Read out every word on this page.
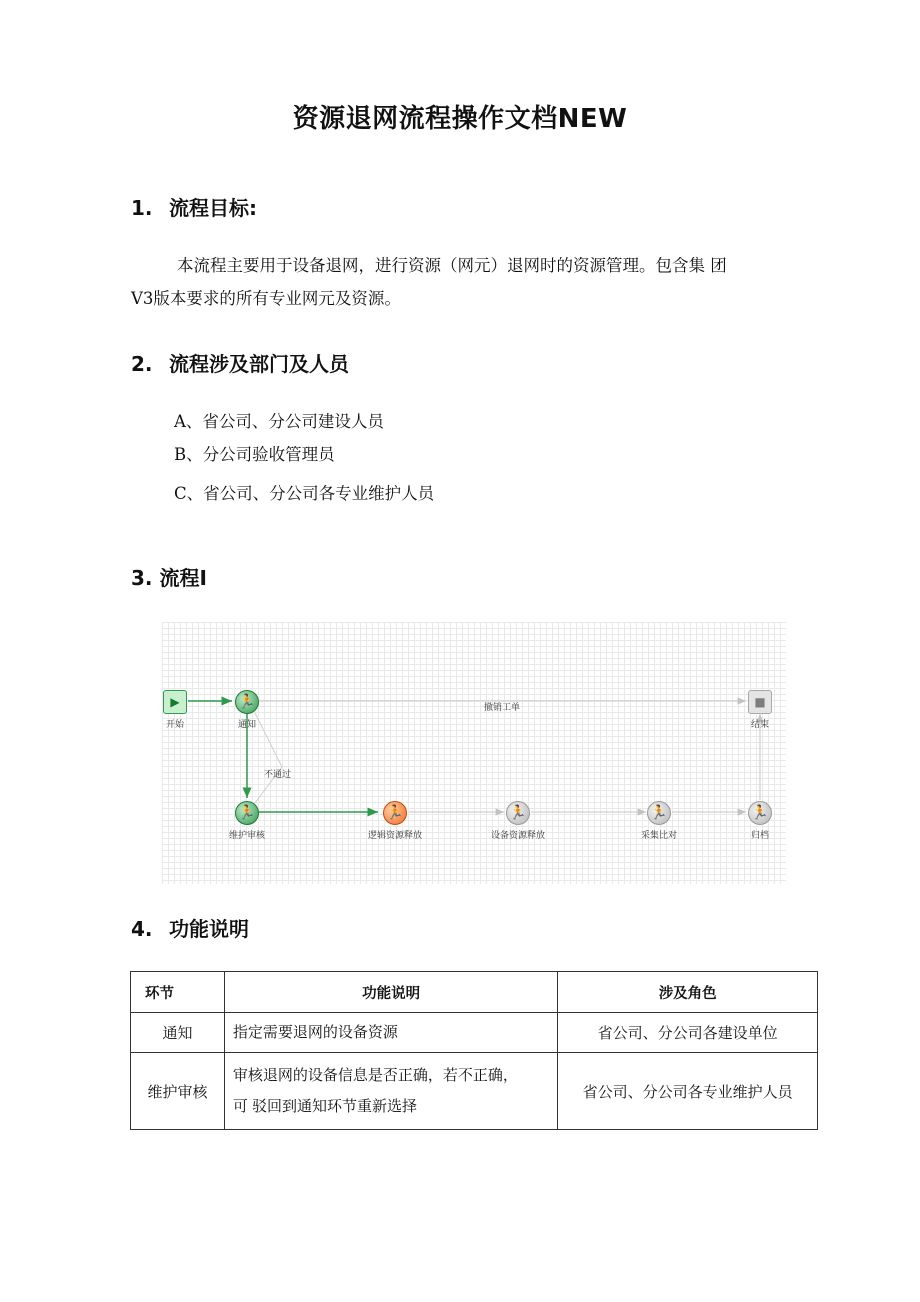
资源退网流程操作文档NEW
1. 流程目标:
本流程主要用于设备退网，进行资源（网元）退网时的资源管理。包含集 团
V3版本要求的所有专业网元及资源。
2. 流程涉及部门及人员
A、省公司、分公司建设人员
B、分公司验收管理员
C、省公司、分公司各专业维护人员
3. 流程I
▶
开始
🏃
通知
🏃
维护审核
🏃
逻辑资源释放
🏃
设备资源释放
🏃
采集比对
🏃
归档
■
结束
撤销工单
不通过
4. 功能说明
环节	功能说明	涉及角色
通知	指定需要退网的设备资源	省公司、分公司各建设单位
维护审核	审核退网的设备信息是否正确，若不正确，
可 驳回到通知环节重新选择	省公司、分公司各专业维护人员
